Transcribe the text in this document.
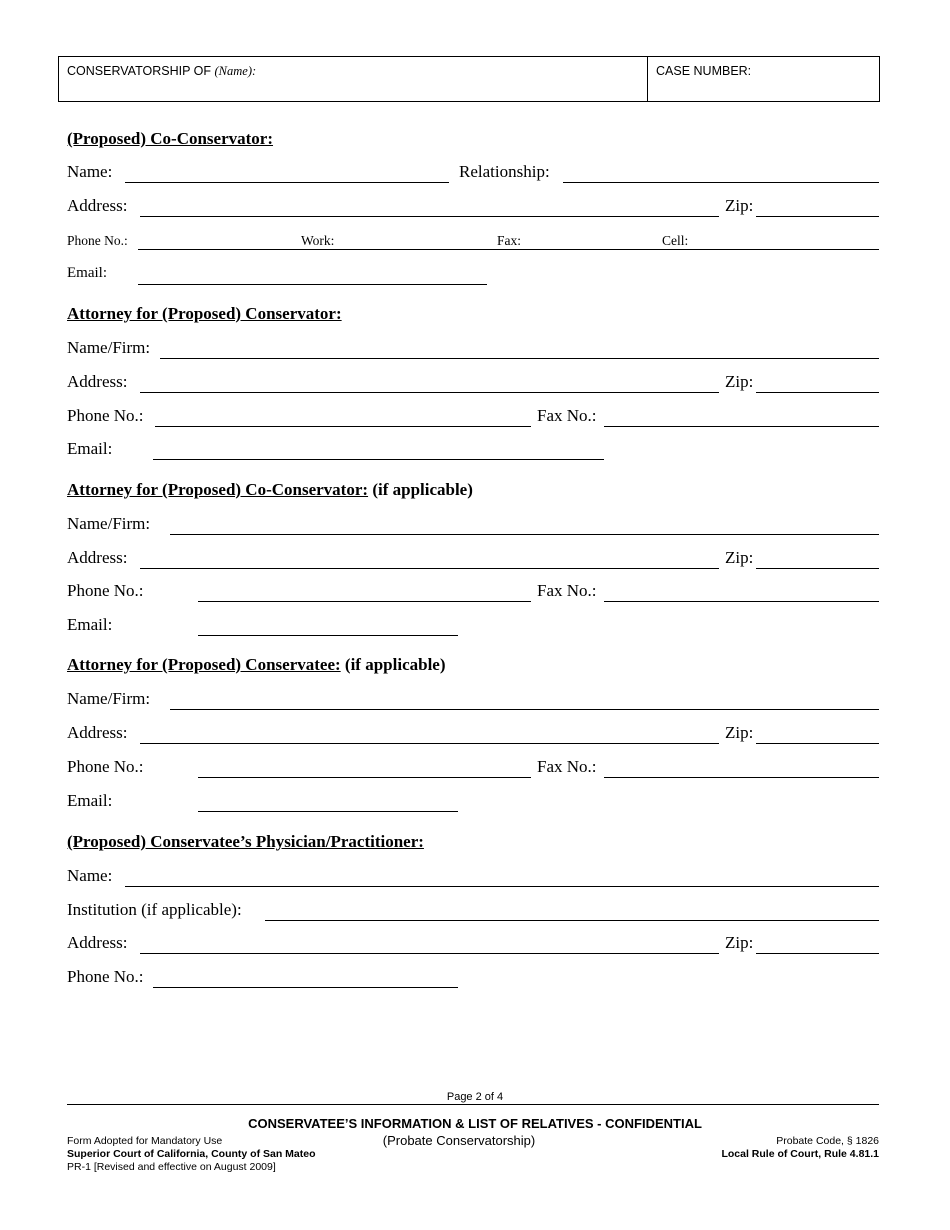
CONSERVATORSHIP OF (Name):	CASE NUMBER:
(Proposed) Co-Conservator:
Name:	Relationship:
Address:	Zip:
Phone No.:	Work:	Fax:	Cell:
Email:
Attorney for (Proposed) Conservator:
Name/Firm:
Address:	Zip:
Phone No.:	Fax No.:
Email:
Attorney for (Proposed) Co-Conservator: (if applicable)
Name/Firm:
Address:	Zip:
Phone No.:	Fax No.:
Email:
Attorney for (Proposed) Conservatee: (if applicable)
Name/Firm:
Address:	Zip:
Phone No.:	Fax No.:
Email:
(Proposed) Conservatee’s Physician/Practitioner:
Name:
Institution (if applicable):
Address:	Zip:
Phone No.:
Page 2 of 4
CONSERVATEE’S INFORMATION & LIST OF RELATIVES - CONFIDENTIAL
(Probate Conservatorship)
Form Adopted for Mandatory Use
Superior Court of California, County of San Mateo
PR-1 [Revised and effective on August 2009]
Probate Code, § 1826
Local Rule of Court, Rule 4.81.1
